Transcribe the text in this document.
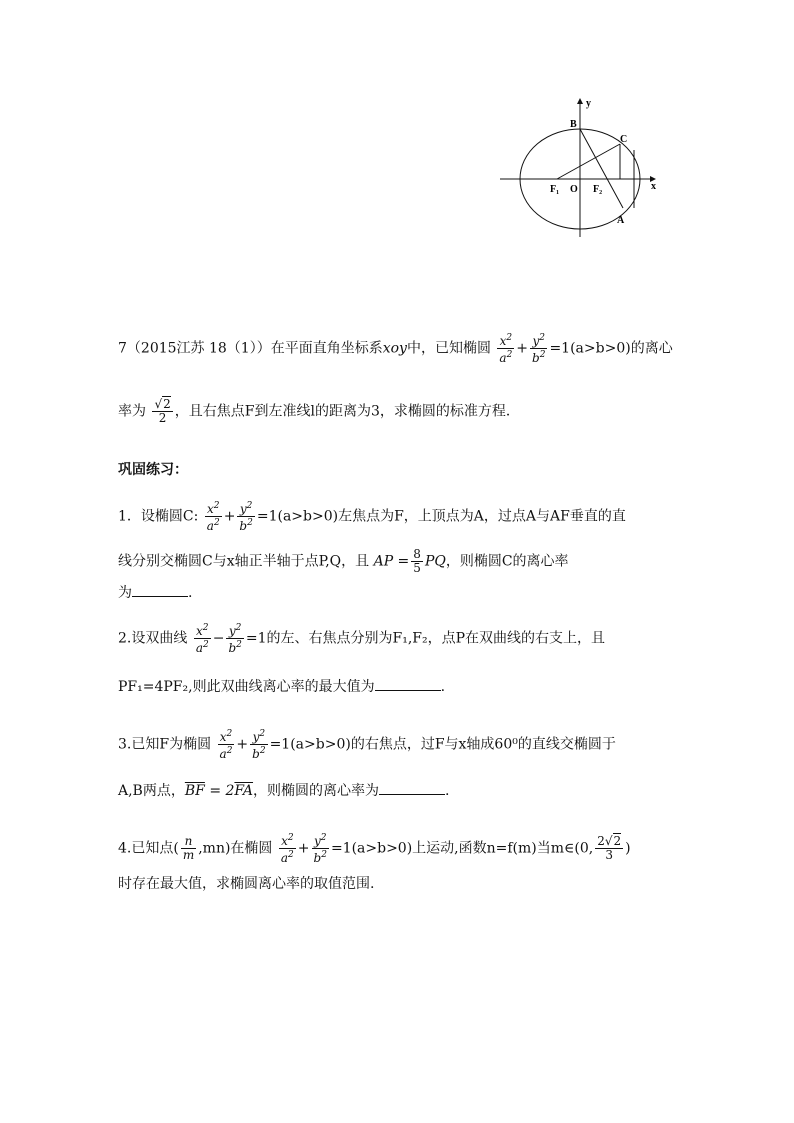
y
x
B
C
F₁ O F₂
A
7（2015江苏 18（1））在平面直角坐标系xoy中，已知椭圆 $\frac{x^2}{a^2} + \frac{y^2}{b^2} =1(a>b>0)$的离心
率为 $\frac{√2}{2}$ ，且右焦点F到左准线l的距离为3，求椭圆的标准方程．
巩固练习：
1．设椭圆C: $\frac{x^2}{a^2} + \frac{y^2}{b^2} =1(a>b>0)$左焦点为F，上顶点为A，过点A与AF垂直的直
线分别交椭圆C与x轴正半轴于点P,Q，且 AP = $\frac{8}{5}$ PQ，则椭圆C的离心率
为	.
2.设双曲线 $\frac{x^2}{a^2} - \frac{y^2}{b^2} =1$的左、右焦点分别为F₁,F₂，点P在双曲线的右支上，且
PF₁=4PF₂,则此双曲线离心率的最大值为	.
3.已知F为椭圆 $\frac{x^2}{a^2} + \frac{y^2}{b^2} =1(a>b>0)$的右焦点，过F与x轴成60⁰的直线交椭圆于
A,B两点，$\overline{BF} = 2\overline{FA}$，则椭圆的离心率为	.
4.已知点( $\frac{n}{m} ,mn$)在椭圆 $\frac{x^2}{a^2} + \frac{y^2}{b^2} =1(a>b>0)$上运动,函数n=f(m)当m∈(0, $\frac{2√2}{3}$ )
时存在最大值，求椭圆离心率的取值范围.
